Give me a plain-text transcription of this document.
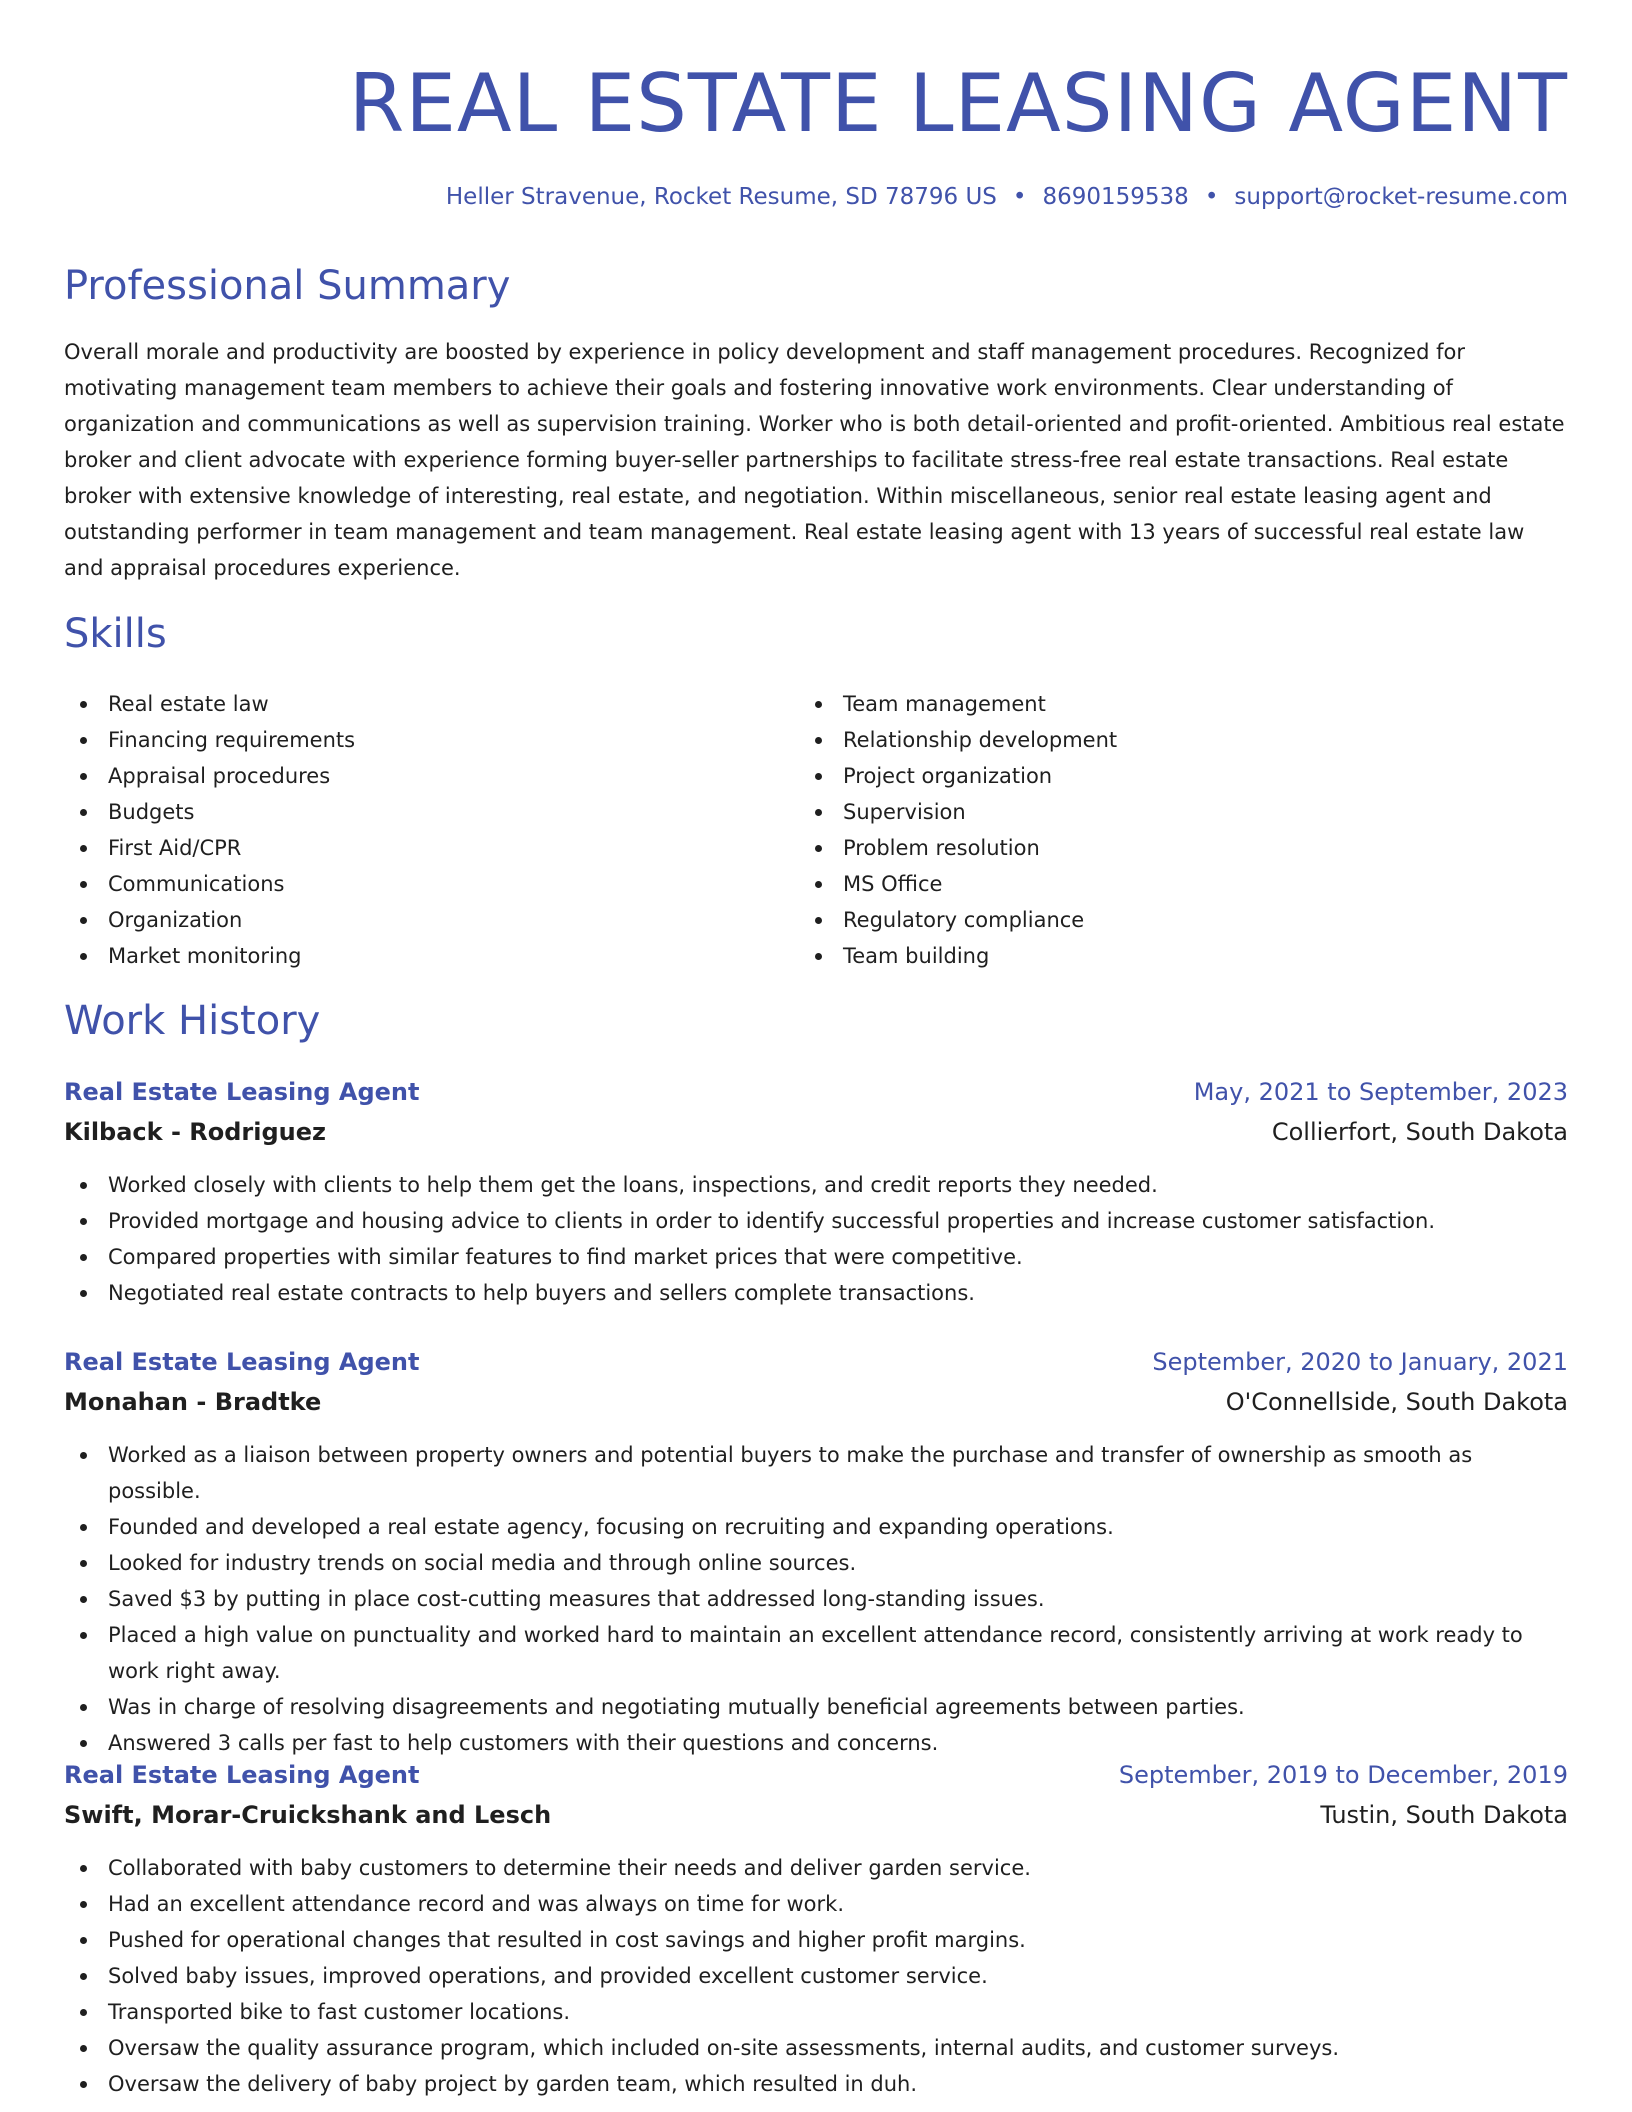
REAL ESTATE LEASING AGENT
Heller Stravenue, Rocket Resume, SD 78796 US • 8690159538 • support@rocket-resume.com
Professional Summary

Overall morale and productivity are boosted by experience in policy development and staff management procedures. Recognized for motivating management team members to achieve their goals and fostering innovative work environments. Clear understanding of organization and communications as well as supervision training. Worker who is both detail-oriented and profit-oriented. Ambitious real estate broker and client advocate with experience forming buyer-seller partnerships to facilitate stress-free real estate transactions. Real estate broker with extensive knowledge of interesting, real estate, and negotiation. Within miscellaneous, senior real estate leasing agent and outstanding performer in team management and team management. Real estate leasing agent with 13 years of successful real estate law and appraisal procedures experience.

Skills
Real estate law
Financing requirements
Appraisal procedures
Budgets
First Aid/CPR
Communications
Organization
Market monitoring
Team management
Relationship development
Project organization
Supervision
Problem resolution
MS Office
Regulatory compliance
Team building
Work History
Real Estate Leasing Agent	May, 2021 to September, 2023
Kilback - Rodriguez	Collierfort, South Dakota
Worked closely with clients to help them get the loans, inspections, and credit reports they needed.
Provided mortgage and housing advice to clients in order to identify successful properties and increase customer satisfaction.
Compared properties with similar features to find market prices that were competitive.
Negotiated real estate contracts to help buyers and sellers complete transactions.
Real Estate Leasing Agent	September, 2020 to January, 2021
Monahan - Bradtke	O'Connellside, South Dakota
Worked as a liaison between property owners and potential buyers to make the purchase and transfer of ownership as smooth as possible.
Founded and developed a real estate agency, focusing on recruiting and expanding operations.
Looked for industry trends on social media and through online sources.
Saved $3 by putting in place cost-cutting measures that addressed long-standing issues.
Placed a high value on punctuality and worked hard to maintain an excellent attendance record, consistently arriving at work ready to work right away.
Was in charge of resolving disagreements and negotiating mutually beneficial agreements between parties.
Answered 3 calls per fast to help customers with their questions and concerns.
Real Estate Leasing Agent	September, 2019 to December, 2019
Swift, Morar-Cruickshank and Lesch	Tustin, South Dakota
Collaborated with baby customers to determine their needs and deliver garden service.
Had an excellent attendance record and was always on time for work.
Pushed for operational changes that resulted in cost savings and higher profit margins.
Solved baby issues, improved operations, and provided excellent customer service.
Transported bike to fast customer locations.
Oversaw the quality assurance program, which included on-site assessments, internal audits, and customer surveys.
Oversaw the delivery of baby project by garden team, which resulted in duh.
